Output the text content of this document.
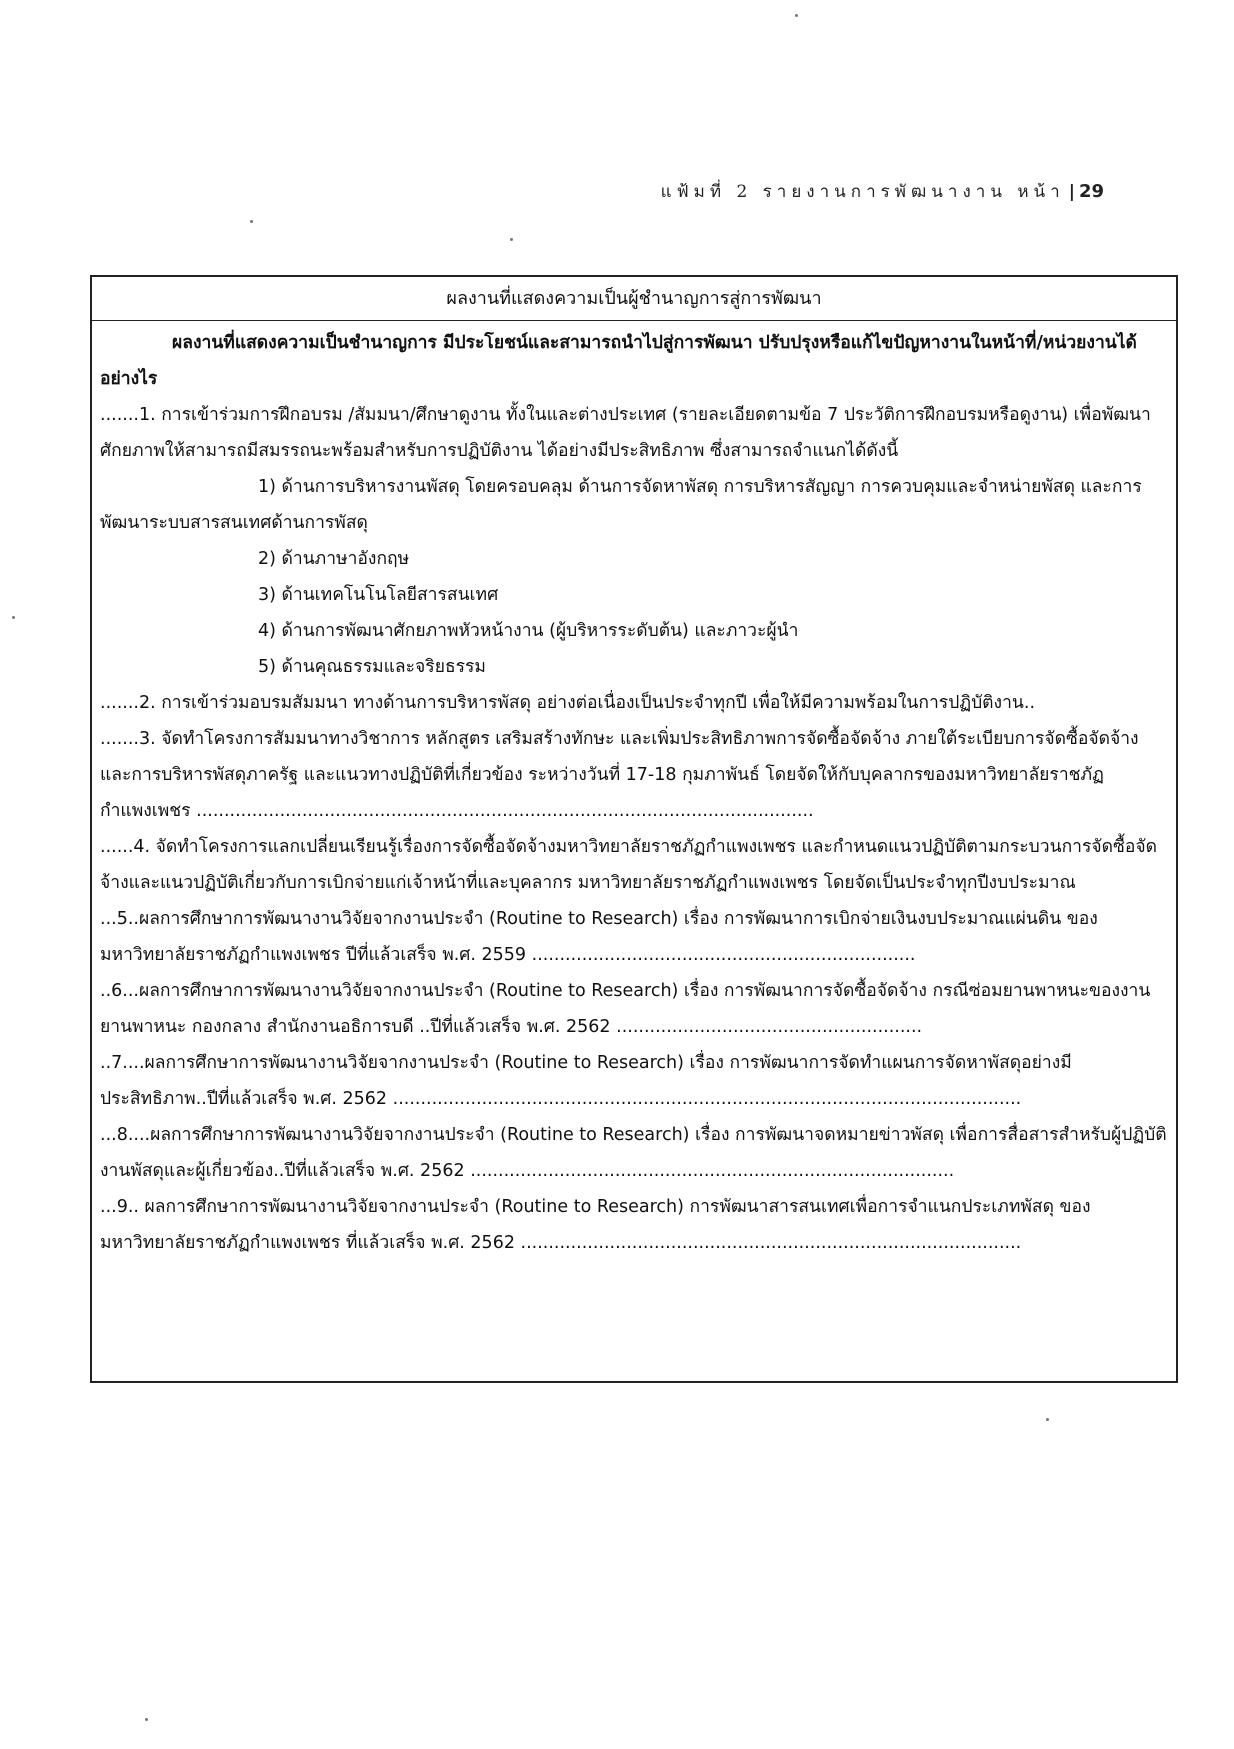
แฟ้มที่ 2 รายงานการพัฒนางาน หน้า | 29
ผลงานที่แสดงความเป็นผู้ชำนาญการสู่การพัฒนา

ผลงานที่แสดงความเป็นชำนาญการ มีประโยชน์และสามารถนำไปสู่การพัฒนา ปรับปรุงหรือแก้ไขปัญหางานในหน้าที่/หน่วยงานได้อย่างไร

.......1. การเข้าร่วมการฝึกอบรม /สัมมนา/ศึกษาดูงาน ทั้งในและต่างประเทศ (รายละเอียดตามข้อ 7 ประวัติการฝึกอบรมหรือดูงาน) เพื่อพัฒนาศักยภาพให้สามารถมีสมรรถนะพร้อมสำหรับการปฏิบัติงาน ได้อย่างมีประสิทธิภาพ ซึ่งสามารถจำแนกได้ดังนี้

1) ด้านการบริหารงานพัสดุ โดยครอบคลุม ด้านการจัดหาพัสดุ การบริหารสัญญา การควบคุมและจำหน่ายพัสดุ และการพัฒนาระบบสารสนเทศด้านการพัสดุ

2) ด้านภาษาอังกฤษ

3) ด้านเทคโนโนโลยีสารสนเทศ

4) ด้านการพัฒนาศักยภาพหัวหน้างาน (ผู้บริหารระดับต้น) และภาวะผู้นำ

5) ด้านคุณธรรมและจริยธรรม

.......2. การเข้าร่วมอบรมสัมมนา ทางด้านการบริหารพัสดุ อย่างต่อเนื่องเป็นประจำทุกปี เพื่อให้มีความพร้อมในการปฏิบัติงาน..

.......3. จัดทำโครงการสัมมนาทางวิชาการ หลักสูตร เสริมสร้างทักษะ และเพิ่มประสิทธิภาพการจัดซื้อจัดจ้าง ภายใต้ระเบียบการจัดซื้อจัดจ้าง และการบริหารพัสดุภาครัฐ และแนวทางปฏิบัติที่เกี่ยวข้อง ระหว่างวันที่ 17-18 กุมภาพันธ์ โดยจัดให้กับบุคลากรของมหาวิทยาลัยราชภัฏกำแพงเพชร ...............................................................................................................

......4. จัดทำโครงการแลกเปลี่ยนเรียนรู้เรื่องการจัดซื้อจัดจ้างมหาวิทยาลัยราชภัฏกำแพงเพชร และกำหนดแนวปฏิบัติตามกระบวนการจัดซื้อจัดจ้างและแนวปฏิบัติเกี่ยวกับการเบิกจ่ายแก่เจ้าหน้าที่และบุคลากร มหาวิทยาลัยราชภัฏกำแพงเพชร โดยจัดเป็นประจำทุกปีงบประมาณ

...5..ผลการศึกษาการพัฒนางานวิจัยจากงานประจำ (Routine to Research) เรื่อง การพัฒนาการเบิกจ่ายเงินงบประมาณแผ่นดิน ของมหาวิทยาลัยราชภัฏกำแพงเพชร ปีที่แล้วเสร็จ พ.ศ. 2559 .....................................................................

..6...ผลการศึกษาการพัฒนางานวิจัยจากงานประจำ (Routine to Research) เรื่อง การพัฒนาการจัดซื้อจัดจ้าง กรณีซ่อมยานพาหนะของงานยานพาหนะ กองกลาง สำนักงานอธิการบดี ..ปีที่แล้วเสร็จ พ.ศ. 2562 .......................................................

..7....ผลการศึกษาการพัฒนางานวิจัยจากงานประจำ (Routine to Research) เรื่อง การพัฒนาการจัดทำแผนการจัดหาพัสดุอย่างมีประสิทธิภาพ..ปีที่แล้วเสร็จ พ.ศ. 2562 .................................................................................................................

...8....ผลการศึกษาการพัฒนางานวิจัยจากงานประจำ (Routine to Research) เรื่อง การพัฒนาจดหมายข่าวพัสดุ เพื่อการสื่อสารสำหรับผู้ปฏิบัติงานพัสดุและผู้เกี่ยวข้อง..ปีที่แล้วเสร็จ พ.ศ. 2562 .......................................................................................

...9.. ผลการศึกษาการพัฒนางานวิจัยจากงานประจำ (Routine to Research) การพัฒนาสารสนเทศเพื่อการจำแนกประเภทพัสดุ ของมหาวิทยาลัยราชภัฏกำแพงเพชร ที่แล้วเสร็จ พ.ศ. 2562 ..........................................................................................
